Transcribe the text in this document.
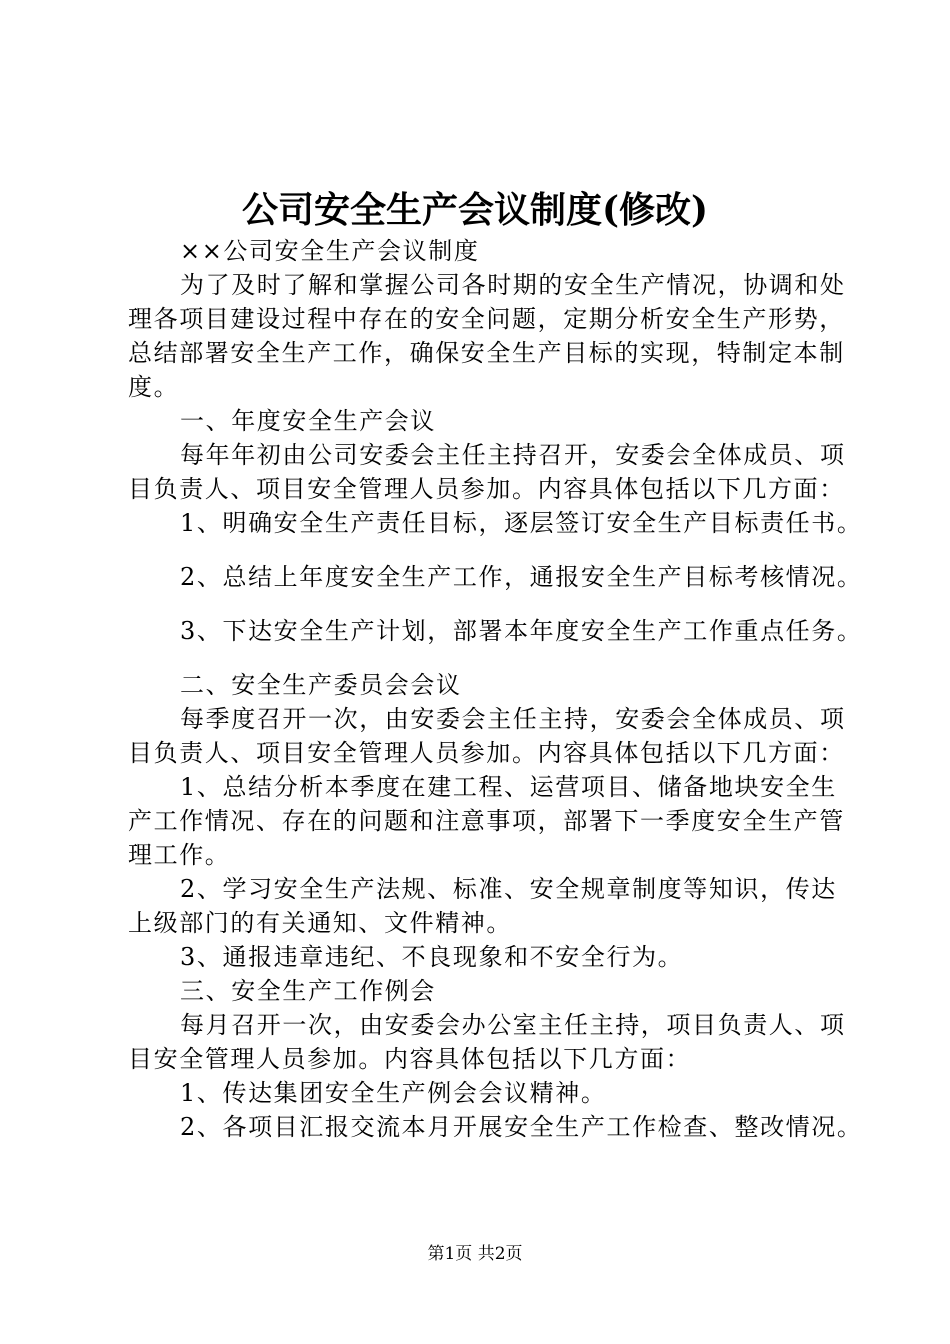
公司安全生产会议制度(修改)

××公司安全生产会议制度

为了及时了解和掌握公司各时期的安全生产情况，协调和处理各项目建设过程中存在的安全问题，定期分析安全生产形势，总结部署安全生产工作，确保安全生产目标的实现，特制定本制度。

一、年度安全生产会议

每年年初由公司安委会主任主持召开，安委会全体成员、项目负责人、项目安全管理人员参加。内容具体包括以下几方面：

1、明确安全生产责任目标，逐层签订安全生产目标责任书。

2、总结上年度安全生产工作，通报安全生产目标考核情况。

3、下达安全生产计划，部署本年度安全生产工作重点任务。

二、安全生产委员会会议

每季度召开一次，由安委会主任主持，安委会全体成员、项目负责人、项目安全管理人员参加。内容具体包括以下几方面：

1、总结分析本季度在建工程、运营项目、储备地块安全生产工作情况、存在的问题和注意事项，部署下一季度安全生产管理工作。

2、学习安全生产法规、标准、安全规章制度等知识，传达上级部门的有关通知、文件精神。

3、通报违章违纪、不良现象和不安全行为。

三、安全生产工作例会

每月召开一次，由安委会办公室主任主持，项目负责人、项目安全管理人员参加。内容具体包括以下几方面：

1、传达集团安全生产例会会议精神。

2、各项目汇报交流本月开展安全生产工作检查、整改情况。

第1页 共2页
